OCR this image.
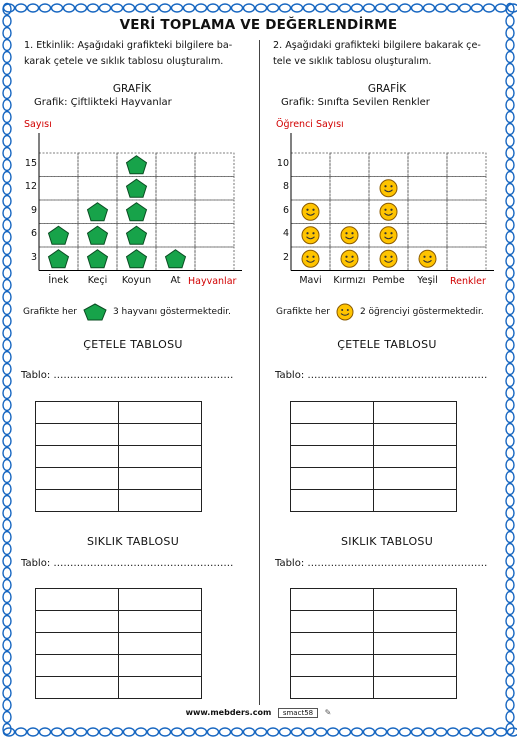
VERİ TOPLAMA VE DEĞERLENDİRME
1. Etkinlik: Aşağıdaki grafikteki bilgilere ba-
karak çetele ve sıklık tablosu oluşturalım.
GRAFİK
Grafik: Çiftlikteki Hayvanlar
Sayısı
3
6
9
12
15
İnek	Keçi	Koyun	At Hayvanlar
Grafikte her	3 hayvanı göstermektedir.
ÇETELE TABLOSU
Tablo: ………………………………………………

SIKLIK TABLOSU
Tablo: ………………………………………………

2. Aşağıdaki grafikteki bilgilere bakarak çe-
tele ve sıklık tablosu oluşturalım.
GRAFİK
Grafik: Sınıfta Sevilen Renkler
Öğrenci Sayısı
2
4
6
8
10
Mavi	Kırmızı Pembe	Yeşil	Renkler
Grafikte her	2 öğrenciyi göstermektedir.
ÇETELE TABLOSU
Tablo: ………………………………………………

SIKLIK TABLOSU
Tablo: ………………………………………………

www.mebders.com smact58 ✎
